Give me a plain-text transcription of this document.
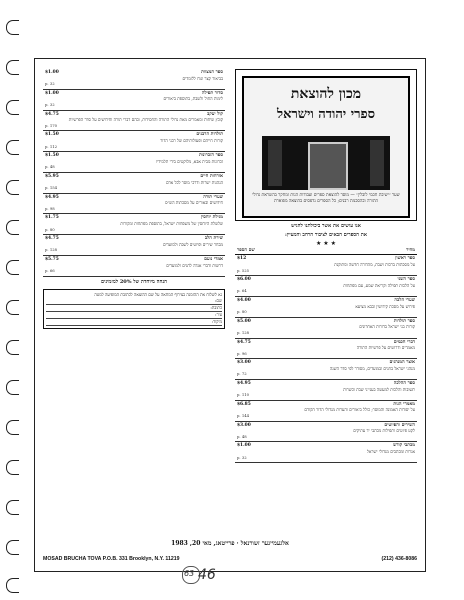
ספר המצוות
בביאור קצר ונוח ללומדים
p. 32
$1.00
סדור תפילה
לימות החול ולשבת, בתוספת ביאורים
p. 32
$1.00
קול יעקב
קובץ שיחות ומאמרים מאת גדולי התורה והחסידות, ובהם דברי תורה וחידושים על סדר הפרשיות
p. 170
$4.75
תולדות הרבנים
קורות חייהם ופעולותיהם של רבני הדור
p. 112
$1.50
ספר הזכרונות
זכרונות מבית אבא, מלוקטים בידי תלמידיו
p. 48
$1.50
אורחות חיים
הנהגות ישרות ודרכי מוסר לכל אדם
p. 154
$5.95
שערי תורה
חידושים ובאורים על מסכתות הש״ס
p. 98
$4.95
מגילת יוחסין
שלשלת היוחסין של משפחות ישראל, בתוספת מפתחות ומקורות
p. 80
$1.75
שירת הלב
מבחר שירים ופיוטים לשבת ולמועדים
p. 128
$4.75
אמרי נועם
דרשות ודברי אגדה לחגים ולמועדים
p. 66
$5.75
הנחה מיוחדת של 20% למזמינים
נא לשלוח את ההזמנה בצירוף המחאה על שם ההוצאה לכתובת המופיעה למטה
שם:
כתובת:
עיר:
מיקוד:
מכון להוצאת
ספרי יהודה וישראל
שער ״ישיבת חכמי לובלין״ — מוסד להוצאת ספרים ועבודות הגות ומחקר בהשראת גדולי התורה ובהסכמת רבנים; כל הספרים נדפסים בהוצאה מפוארת
אנו עושים את אשר ביכולתנו להגיש
את הספרים הבאים לציבור הרחב והמעיין:
★ ★ ★
מחיר
שם הספר
ספר ראשון
על מסכתות ברכות ושבת, מהדורה חדשה ומתוקנת
p. 525
$12
ספר השני
על הלכות תפילה וקריאת שמע, עם מפתחות
p. 64
$6.00
שערי הלכה
פירוש על מסכת קידושין ובבא מציעא
p. 80
$4.00
ספר תולדות
קורות בני ישראל בדורות האחרונים
p. 128
$5.00
דברי חכמים
מאמרים ודרושים על פרשיות התורה
p. 96
$4.75
אוצר המנהגים
מנהגי ישראל בחגים ובמועדים, מסודר לפי סדר השנה
p. 72
$3.00
ספר ההלכה
תשובות והלכות למעשה בענייני שבת וכשרות
p. 110
$4.95
מאמרי הגות
על יסודות האמונה והמוסר; כולל ביאורים והערות מגדולי הדור הקודם
p. 144
$6.85
השירים והפיוטים
לקט פיוטים ותפילות מכתבי יד עתיקים
p. 48
$3.00
מכתבי קודש
אגרות ומכתבים מגדולי ישראל
p. 32
$1.00
אלגעמיינער זשורנאל · פרייטאג, מאי 20, 1983
MOSAD BRUCHA TOVA P.O.B. 331 Brooklyn, N.Y. 11219	(212) 436-8086
63 46
